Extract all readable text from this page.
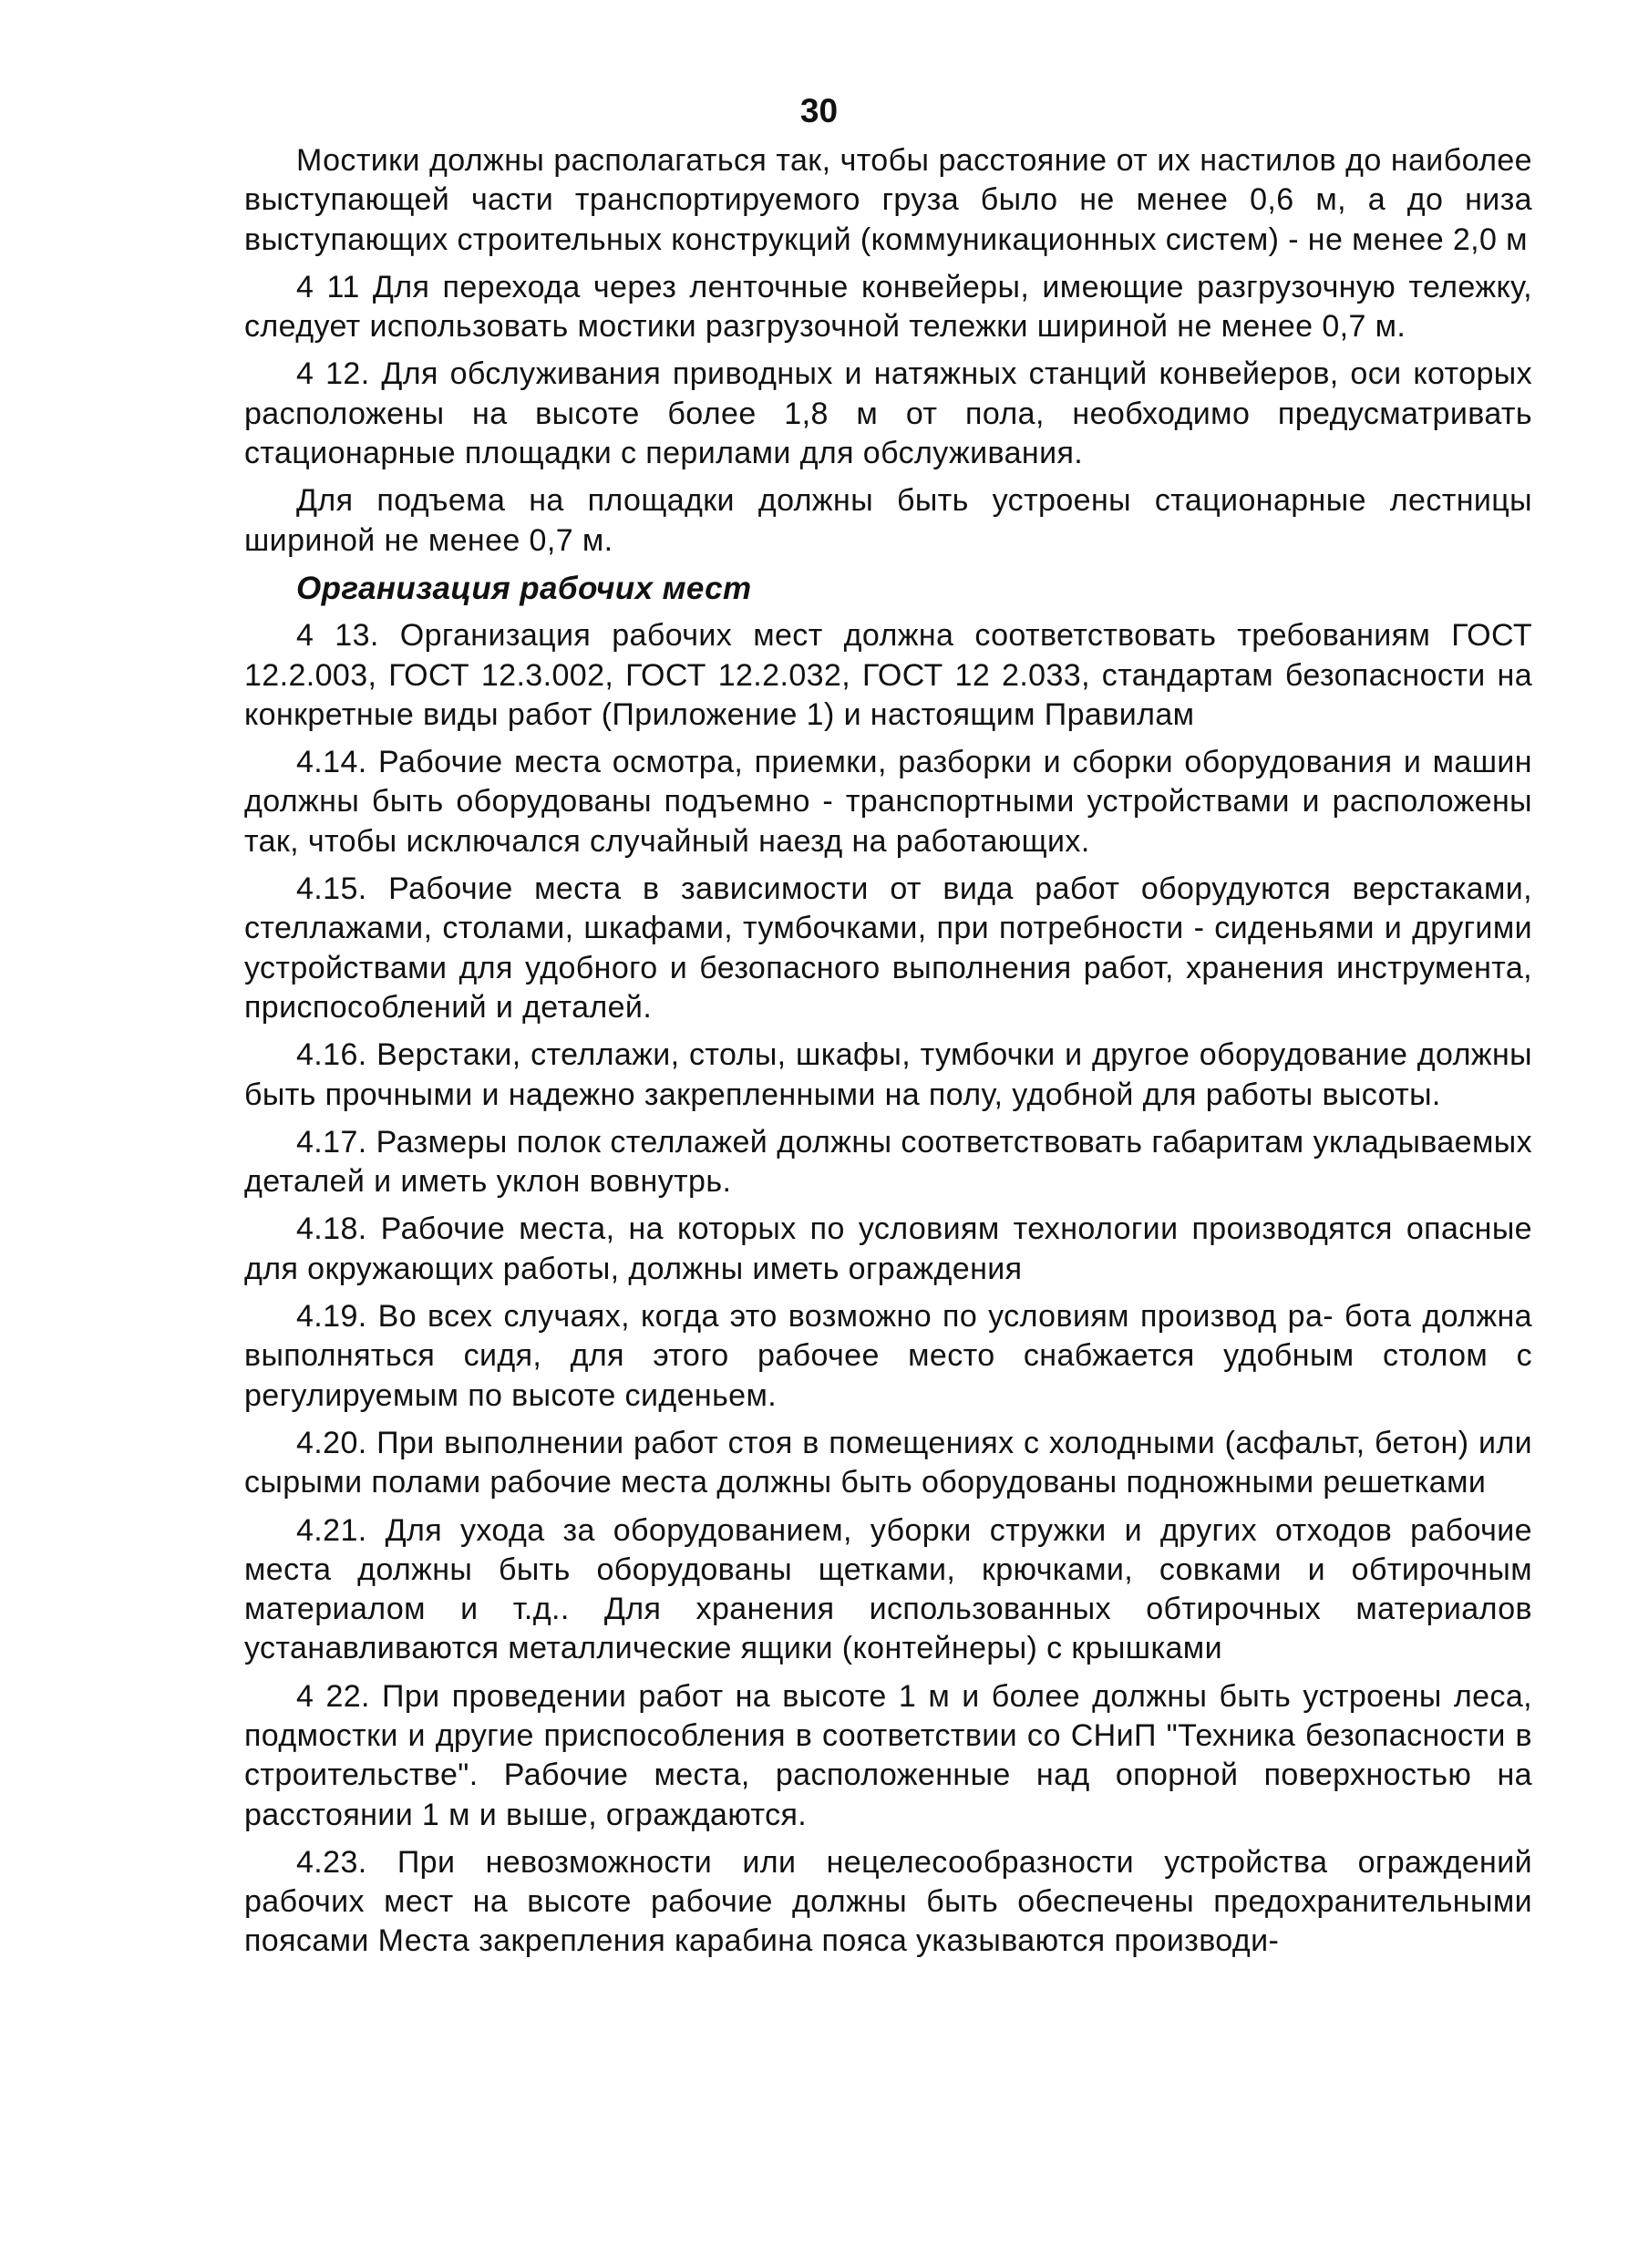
30

Мостики должны располагаться так, чтобы расстояние от их настилов до наиболее выступающей части транспортируемого груза было не менее 0,6 м, а до низа выступающих строительных конструкций (коммуникационных систем) - не менее 2,0 м

4 11 Для перехода через ленточные конвейеры, имеющие разгрузочную тележку, следует использовать мостики разгрузочной тележки шириной не менее 0,7 м.

4 12. Для обслуживания приводных и натяжных станций конвейеров, оси которых расположены на высоте более 1,8 м от пола, необходимо предусматривать стационарные площадки с перилами для обслуживания.

Для подъема на площадки должны быть устроены стационарные лестницы шириной не менее 0,7 м.

Организация рабочих мест

4 13. Организация рабочих мест должна соответствовать требованиям ГОСТ 12.2.003, ГОСТ 12.3.002, ГОСТ 12.2.032, ГОСТ 12 2.033, стандартам безопасности на конкретные виды работ (Приложение 1) и настоящим Правилам

4.14. Рабочие места осмотра, приемки, разборки и сборки оборудования и машин должны быть оборудованы подъемно - транспортными устройствами и расположены так, чтобы исключался случайный наезд на работающих.

4.15. Рабочие места в зависимости от вида работ оборудуются верстаками, стеллажами, столами, шкафами, тумбочками, при потребности - сиденьями и другими устройствами для удобного и безопасного выполнения работ, хранения инструмента, приспособлений и деталей.

4.16. Верстаки, стеллажи, столы, шкафы, тумбочки и другое оборудование должны быть прочными и надежно закрепленными на полу, удобной для работы высоты.

4.17. Размеры полок стеллажей должны соответствовать габаритам укладываемых деталей и иметь уклон вовнутрь.

4.18. Рабочие места, на которых по условиям технологии производятся опасные для окружающих работы, должны иметь ограждения

4.19. Во всех случаях, когда это возможно по условиям производ ра- бота должна выполняться сидя, для этого рабочее место снабжается удобным столом с регулируемым по высоте сиденьем.

4.20. При выполнении работ стоя в помещениях с холодными (асфальт, бетон) или сырыми полами рабочие места должны быть оборудованы подножными решетками

4.21. Для ухода за оборудованием, уборки стружки и других отходов рабочие места должны быть оборудованы щетками, крючками, совками и обтирочным материалом и т.д.. Для хранения использованных обтирочных материалов устанавливаются металлические ящики (контейнеры) с крышками

4 22. При проведении работ на высоте 1 м и более должны быть устроены леса, подмостки и другие приспособления в соответствии со СНиП "Техника безопасности в строительстве". Рабочие места, расположенные над опорной поверхностью на расстоянии 1 м и выше, ограждаются.

4.23. При невозможности или нецелесообразности устройства ограждений рабочих мест на высоте рабочие должны быть обеспечены предохранительными поясами Места закрепления карабина пояса указываются производи-
